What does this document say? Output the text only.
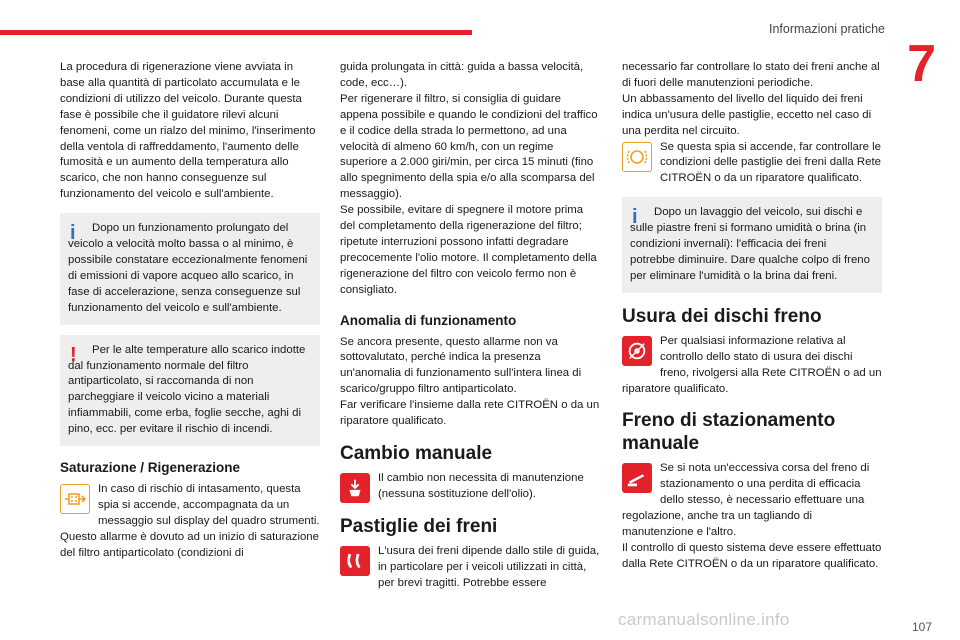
Informazioni pratiche
7

La procedura di rigenerazione viene avviata in base alla quantità di particolato accumulata e le condizioni di utilizzo del veicolo. Durante questa fase è possibile che il guidatore rilevi alcuni fenomeni, come un rialzo del minimo, l'inserimento della ventola di raffreddamento, l'aumento delle fumosità e un aumento della temperatura allo scarico, che non hanno conseguenze sul funzionamento del veicolo e sull'ambiente.

i	Dopo un funzionamento prolungato del veicolo a velocità molto bassa o al minimo, è possibile constatare eccezionalmente fenomeni di emissioni di vapore acqueo allo scarico, in fase di accelerazione, senza conseguenze sul funzionamento del veicolo e sull'ambiente.

!	Per le alte temperature allo scarico indotte dal funzionamento normale del filtro antiparticolato, si raccomanda di non parcheggiare il veicolo vicino a materiali infiammabili, come erba, foglie secche, aghi di pino, ecc. per evitare il rischio di incendi.

Saturazione / Rigenerazione

In caso di rischio di intasamento, questa spia si accende, accompagnata da un messaggio sul display del quadro strumenti. Questo allarme è dovuto ad un inizio di saturazione del filtro antiparticolato (condizioni di

guida prolungata in città: guida a bassa velocità, code, ecc…).

Per rigenerare il filtro, si consiglia di guidare appena possibile e quando le condizioni del traffico e il codice della strada lo permettono, ad una velocità di almeno 60 km/h, con un regime superiore a 2.000 giri/min, per circa 15 minuti (fino allo spegnimento della spia e/o alla scomparsa del messaggio).

Se possibile, evitare di spegnere il motore prima del completamento della rigenerazione del filtro; ripetute interruzioni possono infatti degradare precocemente l'olio motore. Il completamento della rigenerazione del filtro con veicolo fermo non è consigliato.

Anomalia di funzionamento

Se ancora presente, questo allarme non va sottovalutato, perché indica la presenza un'anomalia di funzionamento sull'intera linea di scarico/gruppo filtro antiparticolato.

Far verificare l'insieme dalla rete CITROËN o da un riparatore qualificato.

Cambio manuale

Il cambio non necessita di manutenzione (nessuna sostituzione dell'olio).

Pastiglie dei freni

L'usura dei freni dipende dallo stile di guida, in particolare per i veicoli utilizzati in città, per brevi tragitti. Potrebbe essere

necessario far controllare lo stato dei freni anche al di fuori delle manutenzioni periodiche.

Un abbassamento del livello del liquido dei freni indica un'usura delle pastiglie, eccetto nel caso di una perdita nel circuito.

Se questa spia si accende, far controllare le condizioni delle pastiglie dei freni dalla Rete CITROËN o da un riparatore qualificato.

i	Dopo un lavaggio del veicolo, sui dischi e sulle piastre freni si formano umidità o brina (in condizioni invernali): l'efficacia dei freni potrebbe diminuire. Dare qualche colpo di freno per eliminare l'umidità o la brina dai freni.

Usura dei dischi freno

Per qualsiasi informazione relativa al controllo dello stato di usura dei dischi freno, rivolgersi alla Rete CITROËN o ad un riparatore qualificato.

Freno di stazionamento manuale

Se si nota un'eccessiva corsa del freno di stazionamento o una perdita di efficacia dello stesso, è necessario effettuare una regolazione, anche tra un tagliando di manutenzione e l'altro.

Il controllo di questo sistema deve essere effettuato dalla Rete CITROËN o da un riparatore qualificato.

carmanualsonline.info	107
